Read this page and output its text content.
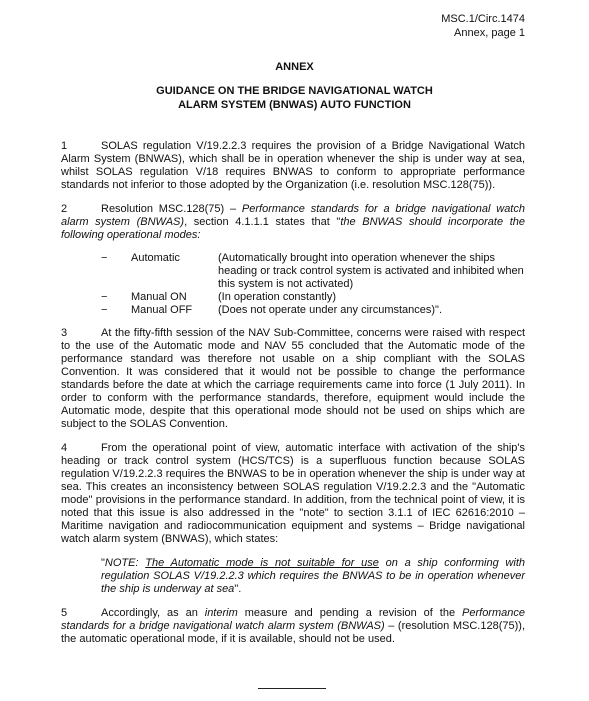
MSC.1/Circ.1474
Annex, page 1
ANNEX
GUIDANCE ON THE BRIDGE NAVIGATIONAL WATCH
ALARM SYSTEM (BNWAS) AUTO FUNCTION

1	SOLAS regulation V/19.2.2.3 requires the provision of a Bridge Navigational Watch Alarm System (BNWAS), which shall be in operation whenever the ship is under way at sea, whilst SOLAS regulation V/18 requires BNWAS to conform to appropriate performance standards not inferior to those adopted by the Organization (i.e. resolution MSC.128(75)).

2	Resolution MSC.128(75) – Performance standards for a bridge navigational watch alarm system (BNWAS), section 4.1.1.1 states that "the BNWAS should incorporate the following operational modes:

−	Automatic	(Automatically brought into operation whenever the ships heading or track control system is activated and inhibited when this system is not activated)
−	Manual ON	(In operation constantly)
−	Manual OFF	(Does not operate under any circumstances)".

3	At the fifty-fifth session of the NAV Sub-Committee, concerns were raised with respect to the use of the Automatic mode and NAV 55 concluded that the Automatic mode of the performance standard was therefore not usable on a ship compliant with the SOLAS Convention. It was considered that it would not be possible to change the performance standards before the date at which the carriage requirements came into force (1 July 2011). In order to conform with the performance standards, therefore, equipment would include the Automatic mode, despite that this operational mode should not be used on ships which are subject to the SOLAS Convention.

4	From the operational point of view, automatic interface with activation of the ship's heading or track control system (HCS/TCS) is a superfluous function because SOLAS regulation V/19.2.2.3 requires the BNWAS to be in operation whenever the ship is under way at sea. This creates an inconsistency between SOLAS regulation V/19.2.2.3 and the "Automatic mode" provisions in the performance standard. In addition, from the technical point of view, it is noted that this issue is also addressed in the "note" to section 3.1.1 of IEC 62616:2010 – Maritime navigation and radiocommunication equipment and systems – Bridge navigational watch alarm system (BNWAS), which states:

"NOTE: The Automatic mode is not suitable for use on a ship conforming with regulation SOLAS V/19.2.2.3 which requires the BNWAS to be in operation whenever the ship is underway at sea".

5	Accordingly, as an interim measure and pending a revision of the Performance standards for a bridge navigational watch alarm system (BNWAS) – (resolution MSC.128(75)), the automatic operational mode, if it is available, should not be used.
